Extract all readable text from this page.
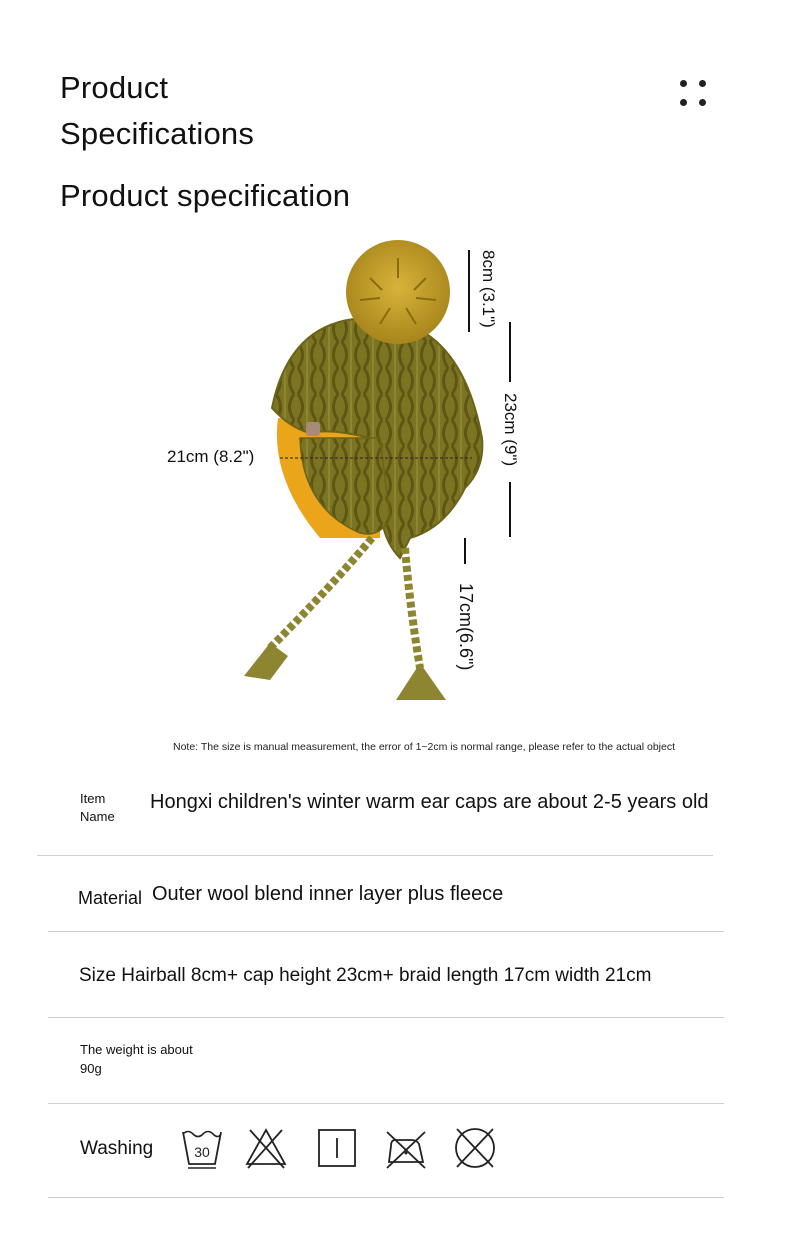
Product
Specifications
Product specification
8cm (3.1")
23cm (9")
21cm (8.2")
17cm(6.6")
Note: The size is manual measurement, the error of 1~2cm is normal range, please refer to the actual object
Item
Name
Hongxi children's winter warm ear caps are about 2-5 years old
Material Outer wool blend inner layer plus fleece
Size Hairball 8cm+ cap height 23cm+ braid length 17cm width 21cm
The weight is about
90g
Washing	30
